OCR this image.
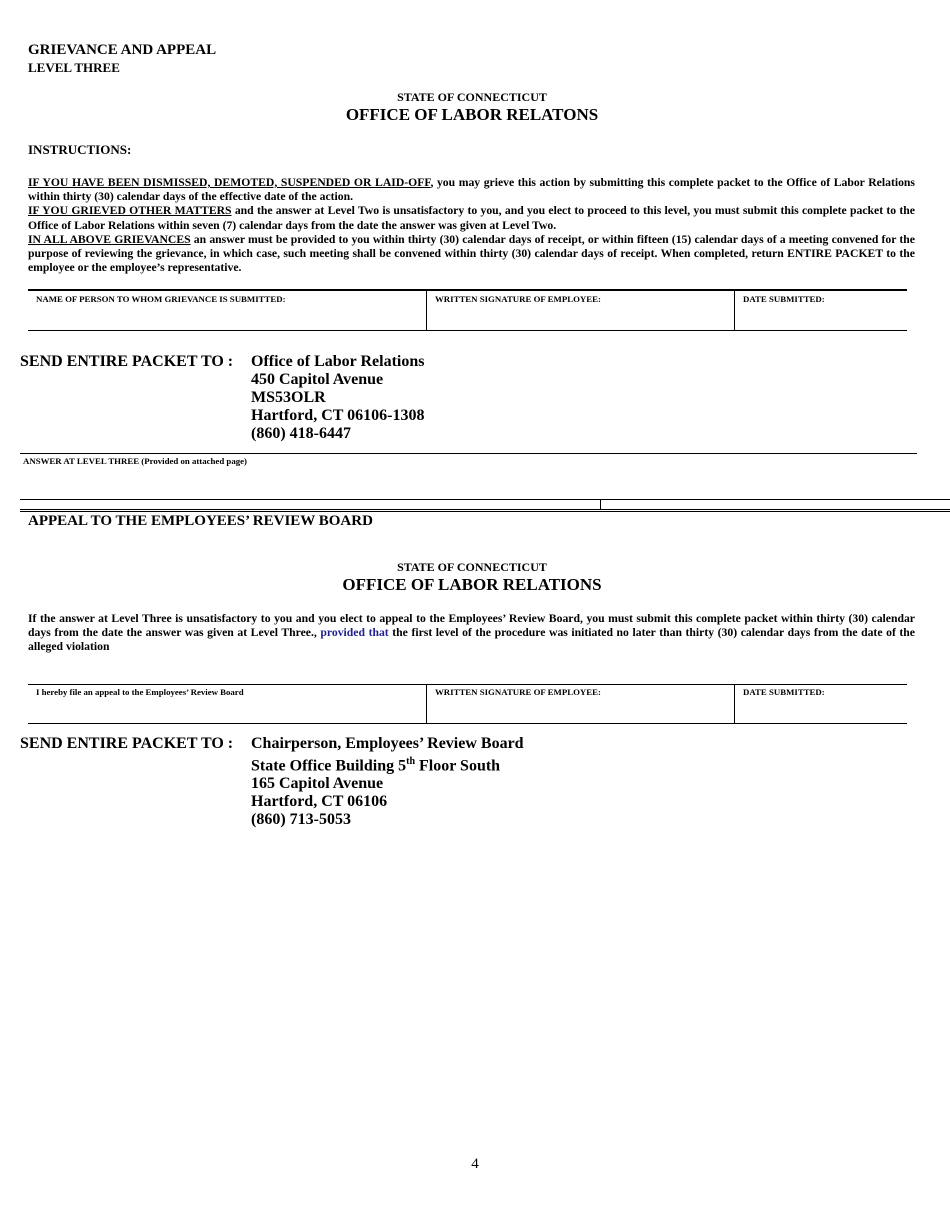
GRIEVANCE AND APPEAL
LEVEL THREE
STATE OF CONNECTICUT
OFFICE OF LABOR RELATONS
INSTRUCTIONS:
IF YOU HAVE BEEN DISMISSED, DEMOTED, SUSPENDED OR LAID-OFF, you may grieve this action by submitting this complete packet to the Office of Labor Relations within thirty (30) calendar days of the effective date of the action.
IF YOU GRIEVED OTHER MATTERS and the answer at Level Two is unsatisfactory to you, and you elect to proceed to this level, you must submit this complete packet to the Office of Labor Relations within seven (7) calendar days from the date the answer was given at Level Two.
IN ALL ABOVE GRIEVANCES an answer must be provided to you within thirty (30) calendar days of receipt, or within fifteen (15) calendar days of a meeting convened for the purpose of reviewing the grievance, in which case, such meeting shall be convened within thirty (30) calendar days of receipt. When completed, return ENTIRE PACKET to the employee or the employee’s representative.
NAME OF PERSON TO WHOM GRIEVANCE IS SUBMITTED:	WRITTEN SIGNATURE OF EMPLOYEE:	DATE SUBMITTED:
SEND ENTIRE PACKET TO : Office of Labor Relations
450 Capitol Avenue
MS53OLR
Hartford, CT 06106-1308
(860) 418-6447
ANSWER AT LEVEL THREE (Provided on attached page)
APPEAL TO THE EMPLOYEES’ REVIEW BOARD
STATE OF CONNECTICUT
OFFICE OF LABOR RELATIONS
If the answer at Level Three is unsatisfactory to you and you elect to appeal to the Employees’ Review Board, you must submit this complete packet within thirty (30) calendar days from the date the answer was given at Level Three., provided that the first level of the procedure was initiated no later than thirty (30) calendar days from the date of the alleged violation
I hereby file an appeal to the Employees’ Review Board	WRITTEN SIGNATURE OF EMPLOYEE:	DATE SUBMITTED:
SEND ENTIRE PACKET TO : Chairperson, Employees’ Review Board
State Office Building 5th Floor South
165 Capitol Avenue
Hartford, CT 06106
(860) 713-5053
4
